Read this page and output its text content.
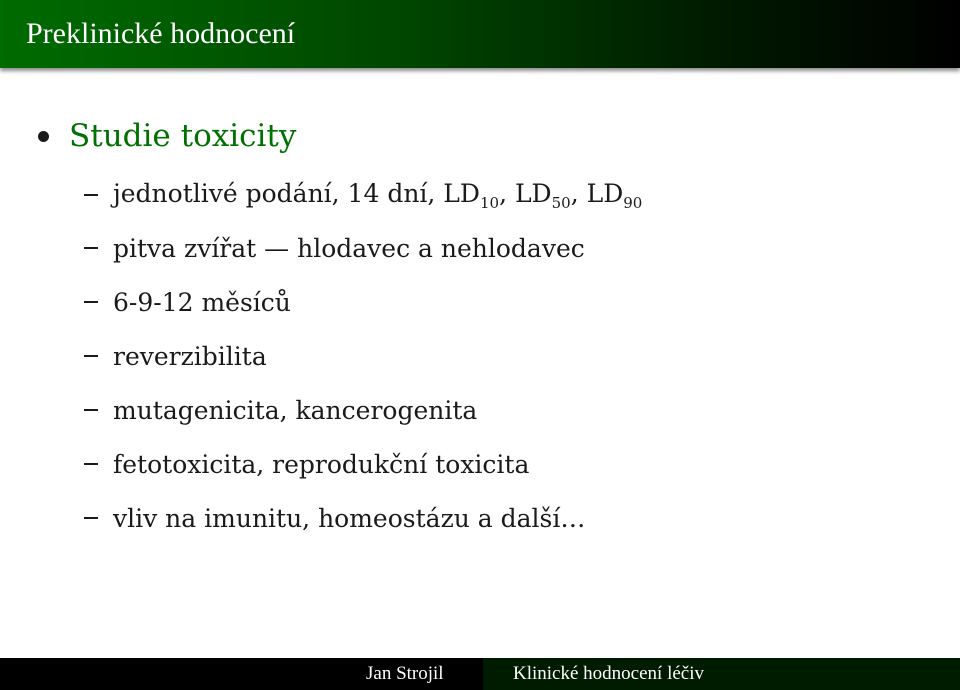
Preklinické hodnocení
Studie toxicity
jednotlivé podání, 14 dní, $LD_{10}$, $LD_{50}$, $LD_{90}$
pitva zvířat — hlodavec a nehlodavec
6-9-12 měsíců
reverzibilita
mutagenicita, kancerogenita
fetotoxicita, reprodukční toxicita
vliv na imunitu, homeostázu a další…
Jan Strojil	Klinické hodnocení léčiv
